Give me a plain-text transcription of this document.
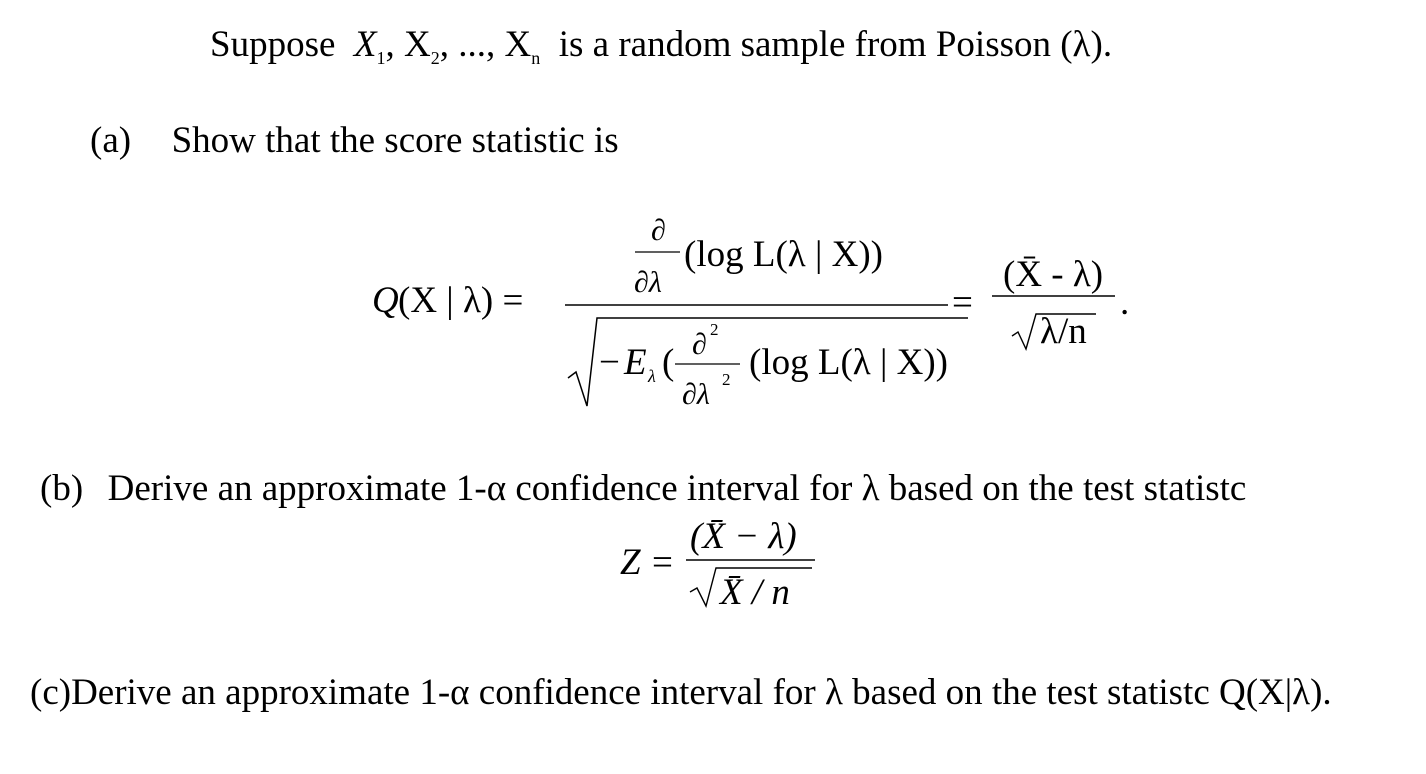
Suppose $X_1$, $X_2$, ..., $X_n$ is a random sample from Poisson (λ).
(a) Show that the score statistic is
(b) Derive an approximate 1-α confidence interval for λ based on the test statistc
(c)Derive an approximate 1-α confidence interval for λ based on the test statistc Q(X|λ).
Q (X | λ) =
∂
∂λ
(log L(λ | X))
− E λ ( ∂ 2
∂λ 2 (log L(λ | X))
=
(X̄ - λ)
λ/n
.
Z =
(X̄ − λ)
X̄ / n
